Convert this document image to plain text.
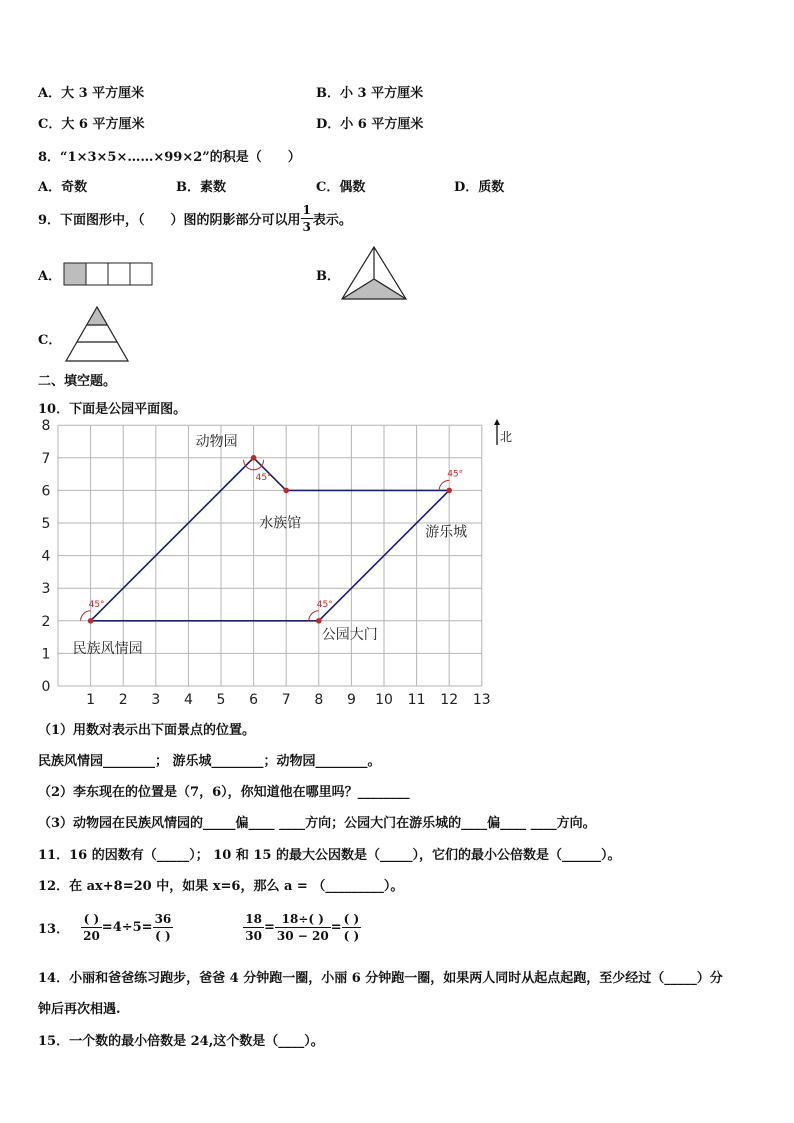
A．大 3 平方厘米	B．小 3 平方厘米
C．大 6 平方厘米	D．小 6 平方厘米
8．“1×3×5×……×99×2”的积是（　　）
A．奇数	B．素数	C．偶数	D．质数
9．下面图形中，（　　）图的阴影部分可以用 $\frac{1}{3}$ 表示。
A．	B．
C．
二、填空题。
10．下面是公园平面图。
1 2 3 4 5 6 7 8 9 10 11 12 13
0
1
2
3
4
5
6
7
8
45°
45°	45°
45°
民族风情园
动物园
水族馆
游乐城
公园大门
北
（1）用数对表示出下面景点的位置。
民族风情园________； 游乐城________；动物园________。
（2）李东现在的位置是（7，6），你知道他在哪里吗？________
（3）动物园在民族风情园的_____偏____ ____方向；公园大门在游乐城的____偏____ ____方向。
11．16 的因数有（_____）； 10 和 15 的最大公因数是（_____），它们的最小公倍数是（______）。
12．在 ax+8=20 中，如果 x=6，那么 a = （_________）。
13． $\frac{( )}{20} =4\div 5= \frac{36}{( )}$	$\frac{18}{30} = \frac{18\div( )}{30 - 20} = \frac{( )}{( )}$
14．小丽和爸爸练习跑步，爸爸 4 分钟跑一圈，小丽 6 分钟跑一圈，如果两人同时从起点起跑，至少经过（_____）分
钟后再次相遇.
15．一个数的最小倍数是 24,这个数是（____）。
